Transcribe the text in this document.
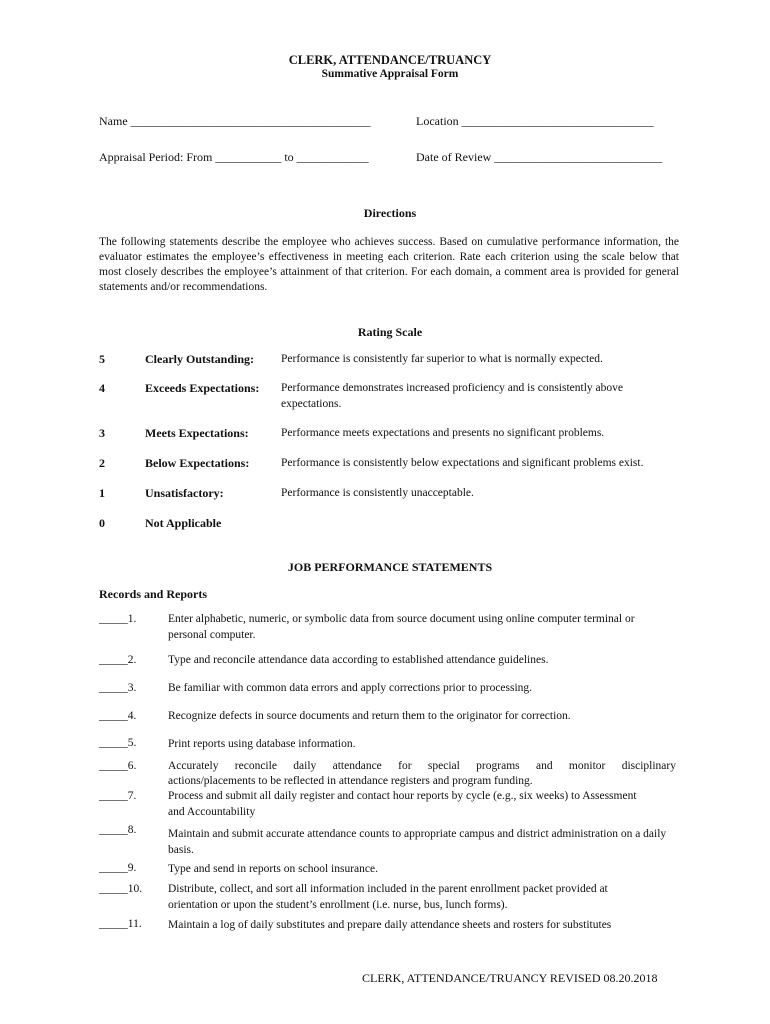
CLERK, ATTENDANCE/TRUANCY
Summative Appraisal Form
Name ________________________________________	Location ________________________________
Appraisal Period: From ___________ to ____________	Date of Review ____________________________
Directions
The following statements describe the employee who achieves success. Based on cumulative performance information, the evaluator estimates the employee’s effectiveness in meeting each criterion. Rate each criterion using the scale below that most closely describes the employee’s attainment of that criterion. For each domain, a comment area is provided for general statements and/or recommendations.
Rating Scale
5	Clearly Outstanding: Performance is consistently far superior to what is normally expected.
4	Exceeds Expectations: Performance demonstrates increased proficiency and is consistently above expectations.
3	Meets Expectations:	Performance meets expectations and presents no significant problems.
2	Below Expectations:	Performance is consistently below expectations and significant problems exist.
1	Unsatisfactory:	Performance is consistently unacceptable.
0	Not Applicable
JOB PERFORMANCE STATEMENTS
Records and Reports
_____1.	Enter alphabetic, numeric, or symbolic data from source document using online computer terminal or personal computer.
_____2.	Type and reconcile attendance data according to established attendance guidelines.
_____3.	Be familiar with common data errors and apply corrections prior to processing.
_____4.	Recognize defects in source documents and return them to the originator for correction.
_____5.	Print reports using database information.
_____6.	Accurately reconcile daily attendance for special programs and monitor disciplinary
actions/placements to be reflected in attendance registers and program funding.
_____7.	Process and submit all daily register and contact hour reports by cycle (e.g., six weeks) to Assessment and Accountability
_____8.	Maintain and submit accurate attendance counts to appropriate campus and district administration on a daily basis.
_____9.	Type and send in reports on school insurance.
_____10. Distribute, collect, and sort all information included in the parent enrollment packet provided at orientation or upon the student’s enrollment (i.e. nurse, bus, lunch forms).
_____11. Maintain a log of daily substitutes and prepare daily attendance sheets and rosters for substitutes
CLERK, ATTENDANCE/TRUANCY REVISED 08.20.2018
